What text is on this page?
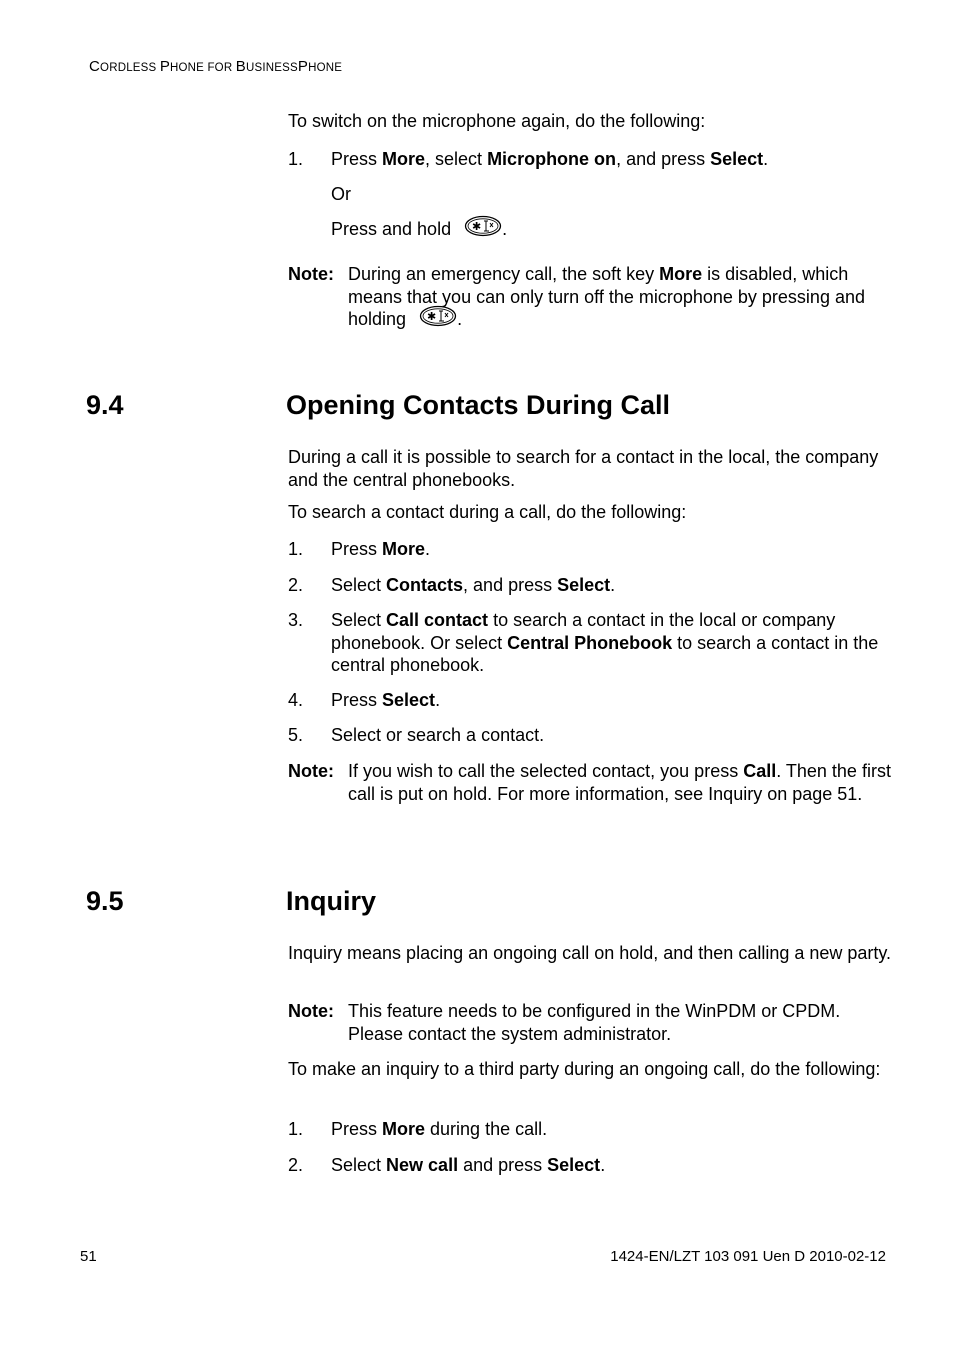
CORDLESS PHONE FOR BUSINESSPHONE
To switch on the microphone again, do the following:
1. Press More, select Microphone on, and press Select.
Or
Press and hold ✱ .
Note: During an emergency call, the soft key More is disabled, which means that you can only turn off the microphone by pressing and holding ✱ .
9.4	Opening Contacts During Call
During a call it is possible to search for a contact in the local, the company and the central phonebooks.
To search a contact during a call, do the following:
1. Press More.
2. Select Contacts, and press Select.
3. Select Call contact to search a contact in the local or company phonebook. Or select Central Phonebook to search a contact in the central phonebook.
4. Press Select.
5. Select or search a contact.
Note: If you wish to call the selected contact, you press Call. Then the first call is put on hold. For more information, see Inquiry on page 51.
9.5	Inquiry
Inquiry means placing an ongoing call on hold, and then calling a new party.
Note: This feature needs to be configured in the WinPDM or CPDM. Please contact the system administrator.
To make an inquiry to a third party during an ongoing call, do the following:
1. Press More during the call.
2. Select New call and press Select.
51	1424-EN/LZT 103 091 Uen D 2010-02-12
